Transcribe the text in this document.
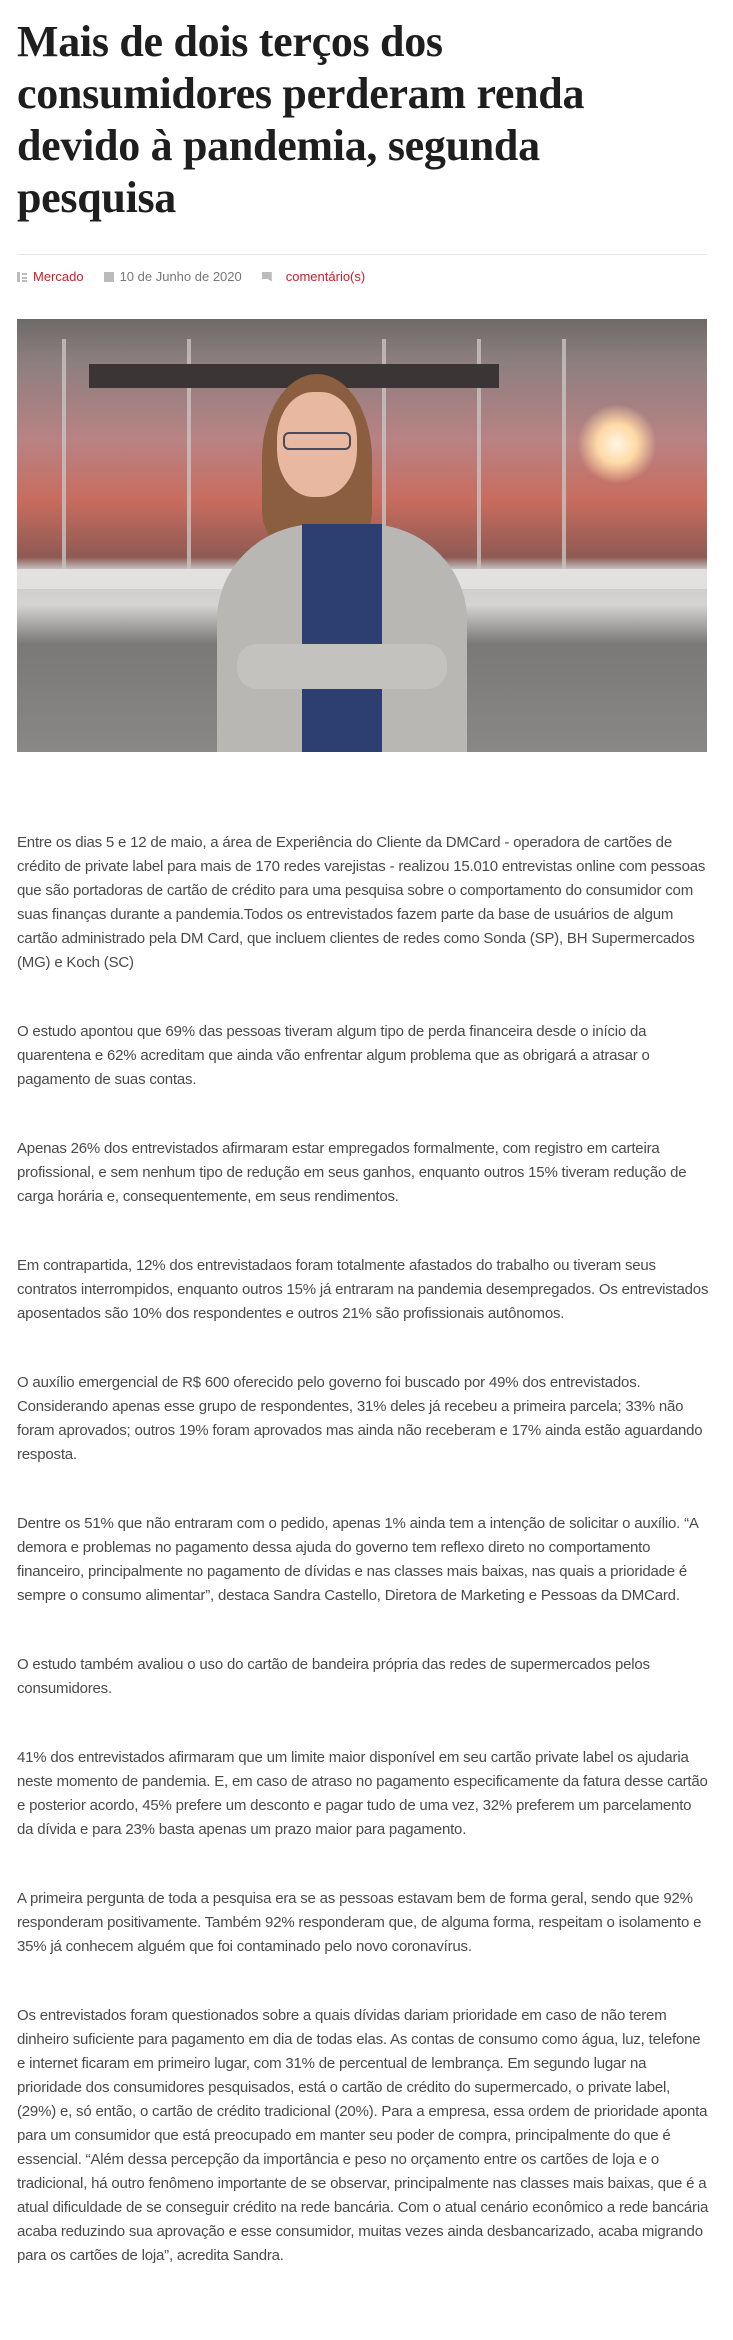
Mais de dois terços dos consumidores perderam renda devido à pandemia, segunda pesquisa
Mercado	10 de Junho de 2020	comentário(s)

Entre os dias 5 e 12 de maio, a área de Experiência do Cliente da DMCard - operadora de cartões de crédito de private label para mais de 170 redes varejistas - realizou 15.010 entrevistas online com pessoas que são portadoras de cartão de crédito para uma pesquisa sobre o comportamento do consumidor com suas finanças durante a pandemia.Todos os entrevistados fazem parte da base de usuários de algum cartão administrado pela DM Card, que incluem clientes de redes como Sonda (SP), BH Supermercados (MG) e Koch (SC)

O estudo apontou que 69% das pessoas tiveram algum tipo de perda financeira desde o início da quarentena e 62% acreditam que ainda vão enfrentar algum problema que as obrigará a atrasar o pagamento de suas contas.

Apenas 26% dos entrevistados afirmaram estar empregados formalmente, com registro em carteira profissional, e sem nenhum tipo de redução em seus ganhos, enquanto outros 15% tiveram redução de carga horária e, consequentemente, em seus rendimentos.

Em contrapartida, 12% dos entrevistadaos foram totalmente afastados do trabalho ou tiveram seus contratos interrompidos, enquanto outros 15% já entraram na pandemia desempregados. Os entrevistados aposentados são 10% dos respondentes e outros 21% são profissionais autônomos.

O auxílio emergencial de R$ 600 oferecido pelo governo foi buscado por 49% dos entrevistados. Considerando apenas esse grupo de respondentes, 31% deles já recebeu a primeira parcela; 33% não foram aprovados; outros 19% foram aprovados mas ainda não receberam e 17% ainda estão aguardando resposta.

Dentre os 51% que não entraram com o pedido, apenas 1% ainda tem a intenção de solicitar o auxílio. “A demora e problemas no pagamento dessa ajuda do governo tem reflexo direto no comportamento financeiro, principalmente no pagamento de dívidas e nas classes mais baixas, nas quais a prioridade é sempre o consumo alimentar”, destaca Sandra Castello, Diretora de Marketing e Pessoas da DMCard.

O estudo também avaliou o uso do cartão de bandeira própria das redes de supermercados pelos consumidores.

41% dos entrevistados afirmaram que um limite maior disponível em seu cartão private label os ajudaria neste momento de pandemia. E, em caso de atraso no pagamento especificamente da fatura desse cartão e posterior acordo, 45% prefere um desconto e pagar tudo de uma vez, 32% preferem um parcelamento da dívida e para 23% basta apenas um prazo maior para pagamento.

A primeira pergunta de toda a pesquisa era se as pessoas estavam bem de forma geral, sendo que 92% responderam positivamente. Também 92% responderam que, de alguma forma, respeitam o isolamento e 35% já conhecem alguém que foi contaminado pelo novo coronavírus.

Os entrevistados foram questionados sobre a quais dívidas dariam prioridade em caso de não terem dinheiro suficiente para pagamento em dia de todas elas. As contas de consumo como água, luz, telefone e internet ficaram em primeiro lugar, com 31% de percentual de lembrança. Em segundo lugar na prioridade dos consumidores pesquisados, está o cartão de crédito do supermercado, o private label, (29%) e, só então, o cartão de crédito tradicional (20%). Para a empresa, essa ordem de prioridade aponta para um consumidor que está preocupado em manter seu poder de compra, principalmente do que é essencial. “Além dessa percepção da importância e peso no orçamento entre os cartões de loja e o tradicional, há outro fenômeno importante de se observar, principalmente nas classes mais baixas, que é a atual dificuldade de se conseguir crédito na rede bancária. Com o atual cenário econômico a rede bancária acaba reduzindo sua aprovação e esse consumidor, muitas vezes ainda desbancarizado, acaba migrando para os cartões de loja”, acredita Sandra.
